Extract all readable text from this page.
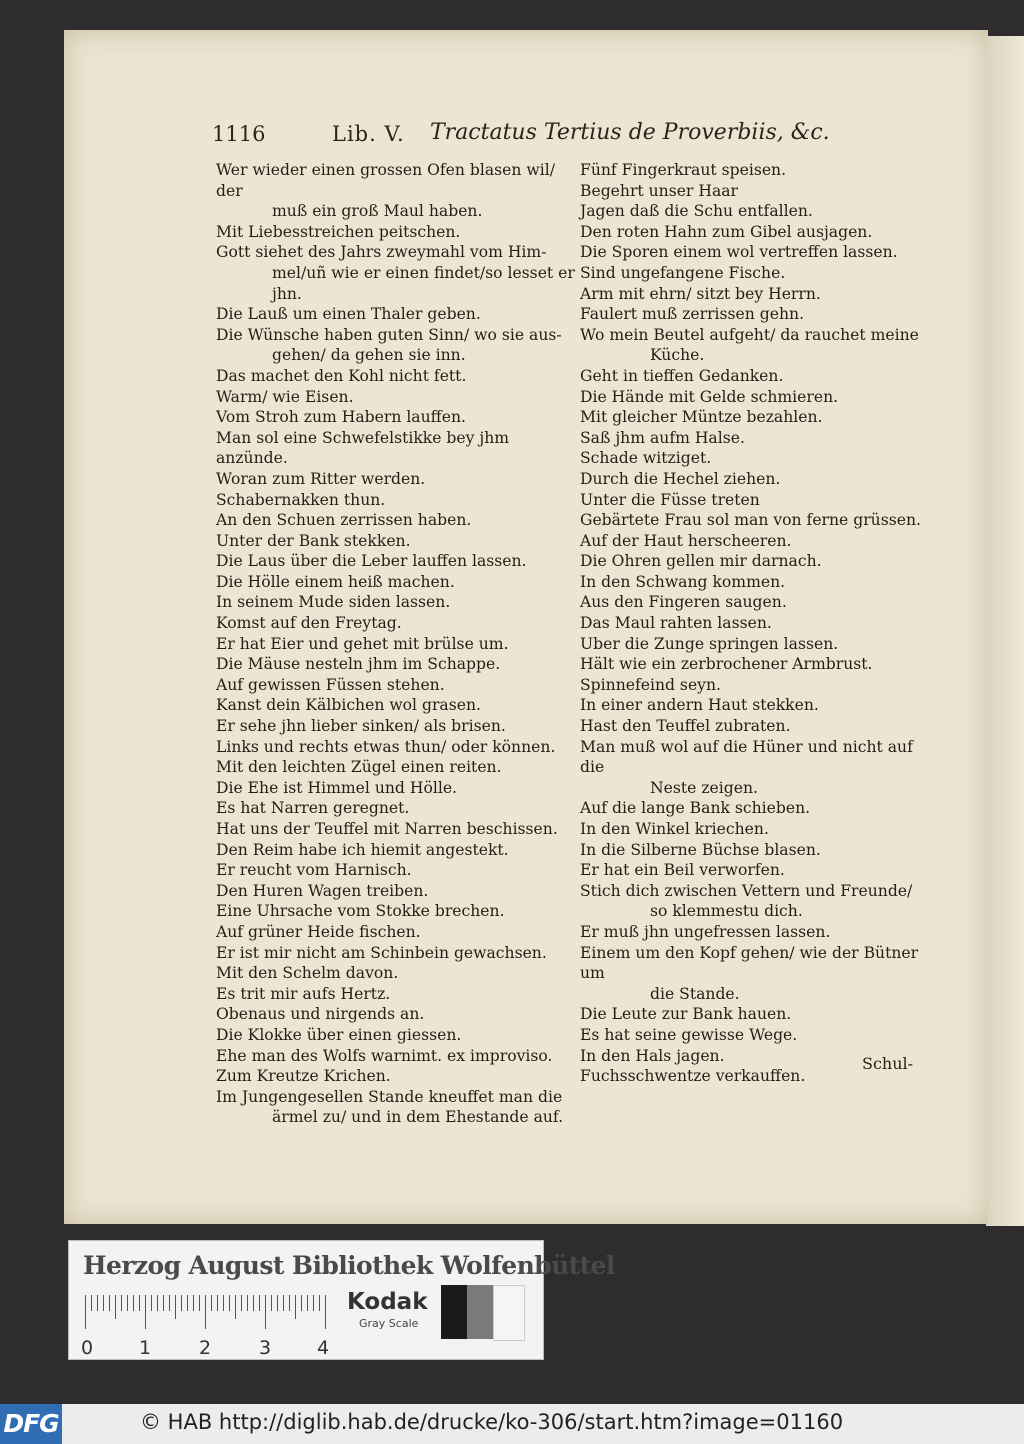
1116	Lib. V. Tractatus Tertius de Proverbiis, &c.
Wer wieder einen grossen Ofen blasen wil/ der
muß ein groß Maul haben.
Mit Liebesstreichen peitschen.
Gott siehet des Jahrs zweymahl vom Him-
mel/uñ wie er einen findet/so lesset er jhn.
Die Lauß um einen Thaler geben.
Die Wünsche haben guten Sinn/ wo sie aus-
gehen/ da gehen sie inn.
Das machet den Kohl nicht fett.
Warm/ wie Eisen.
Vom Stroh zum Habern lauffen.
Man sol eine Schwefelstikke bey jhm anzünde.
Woran zum Ritter werden.
Schabernakken thun.
An den Schuen zerrissen haben.
Unter der Bank stekken.
Die Laus über die Leber lauffen lassen.
Die Hölle einem heiß machen.
In seinem Mude siden lassen.
Komst auf den Freytag.
Er hat Eier und gehet mit brülse um.
Die Mäuse nesteln jhm im Schappe.
Auf gewissen Füssen stehen.
Kanst dein Kälbichen wol grasen.
Er sehe jhn lieber sinken/ als brisen.
Links und rechts etwas thun/ oder können.
Mit den leichten Zügel einen reiten.
Die Ehe ist Himmel und Hölle.
Es hat Narren geregnet.
Hat uns der Teuffel mit Narren beschissen.
Den Reim habe ich hiemit angestekt.
Er reucht vom Harnisch.
Den Huren Wagen treiben.
Eine Uhrsache vom Stokke brechen.
Auf grüner Heide fischen.
Er ist mir nicht am Schinbein gewachsen.
Mit den Schelm davon.
Es trit mir aufs Hertz.
Obenaus und nirgends an.
Die Klokke über einen giessen.
Ehe man des Wolfs warnimt. ex improviso.
Zum Kreutze Krichen.
Im Jungengesellen Stande kneuffet man die
ärmel zu/ und in dem Ehestande auf.
Fünf Fingerkraut speisen.
Begehrt unser Haar
Jagen daß die Schu entfallen.
Den roten Hahn zum Gibel ausjagen.
Die Sporen einem wol vertreffen lassen.
Sind ungefangene Fische.
Arm mit ehrn/ sitzt bey Herrn.
Faulert muß zerrissen gehn.
Wo mein Beutel aufgeht/ da rauchet meine
Küche.
Geht in tieffen Gedanken.
Die Hände mit Gelde schmieren.
Mit gleicher Müntze bezahlen.
Saß jhm aufm Halse.
Schade witziget.
Durch die Hechel ziehen.
Unter die Füsse treten
Gebärtete Frau sol man von ferne grüssen.
Auf der Haut herscheeren.
Die Ohren gellen mir darnach.
In den Schwang kommen.
Aus den Fingeren saugen.
Das Maul rahten lassen.
Uber die Zunge springen lassen.
Hält wie ein zerbrochener Armbrust.
Spinnefeind seyn.
In einer andern Haut stekken.
Hast den Teuffel zubraten.
Man muß wol auf die Hüner und nicht auf die
Neste zeigen.
Auf die lange Bank schieben.
In den Winkel kriechen.
In die Silberne Büchse blasen.
Er hat ein Beil verworfen.
Stich dich zwischen Vettern und Freunde/
so klemmestu dich.
Er muß jhn ungefressen lassen.
Einem um den Kopf gehen/ wie der Bütner um
die Stande.
Die Leute zur Bank hauen.
Es hat seine gewisse Wege.
In den Hals jagen.
Fuchsschwentze verkauffen.
Schul-
Herzog August Bibliothek Wolfenbüttel
0 1	2	3 4
Kodak
Gray Scale
DFG	© HAB http://diglib.hab.de/drucke/ko-306/start.htm?image=01160
